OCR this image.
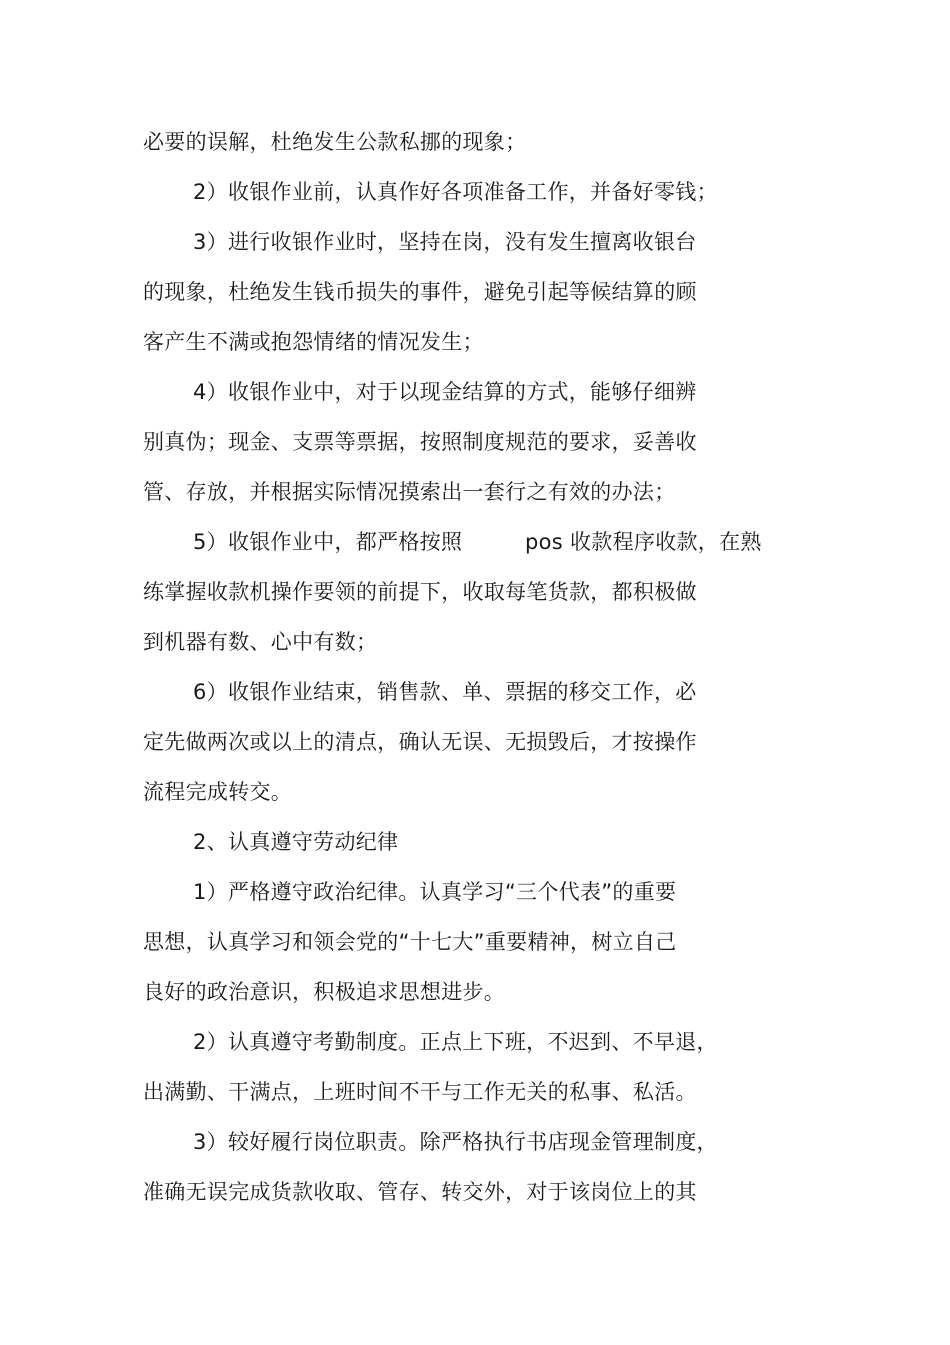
必要的误解，杜绝发生公款私挪的现象；
2）收银作业前，认真作好各项准备工作，并备好零钱；
3）进行收银作业时，坚持在岗，没有发生擅离收银台
的现象，杜绝发生钱币损失的事件，避免引起等候结算的顾
客产生不满或抱怨情绪的情况发生；
4）收银作业中，对于以现金结算的方式，能够仔细辨
别真伪；现金、支票等票据，按照制度规范的要求，妥善收
管、存放，并根据实际情况摸索出一套行之有效的办法；
5）收银作业中，都严格按照	pos 收款程序收款，在熟
练掌握收款机操作要领的前提下，收取每笔货款，都积极做
到机器有数、心中有数；
6）收银作业结束，销售款、单、票据的移交工作，必
定先做两次或以上的清点，确认无误、无损毁后，才按操作
流程完成转交。
2、认真遵守劳动纪律
1）严格遵守政治纪律。认真学习“三个代表”的重要
思想，认真学习和领会党的“十七大”重要精神，树立自己
良好的政治意识，积极追求思想进步。
2）认真遵守考勤制度。正点上下班，不迟到、不早退，
出满勤、干满点，上班时间不干与工作无关的私事、私活。
3）较好履行岗位职责。除严格执行书店现金管理制度，
准确无误完成货款收取、管存、转交外，对于该岗位上的其
